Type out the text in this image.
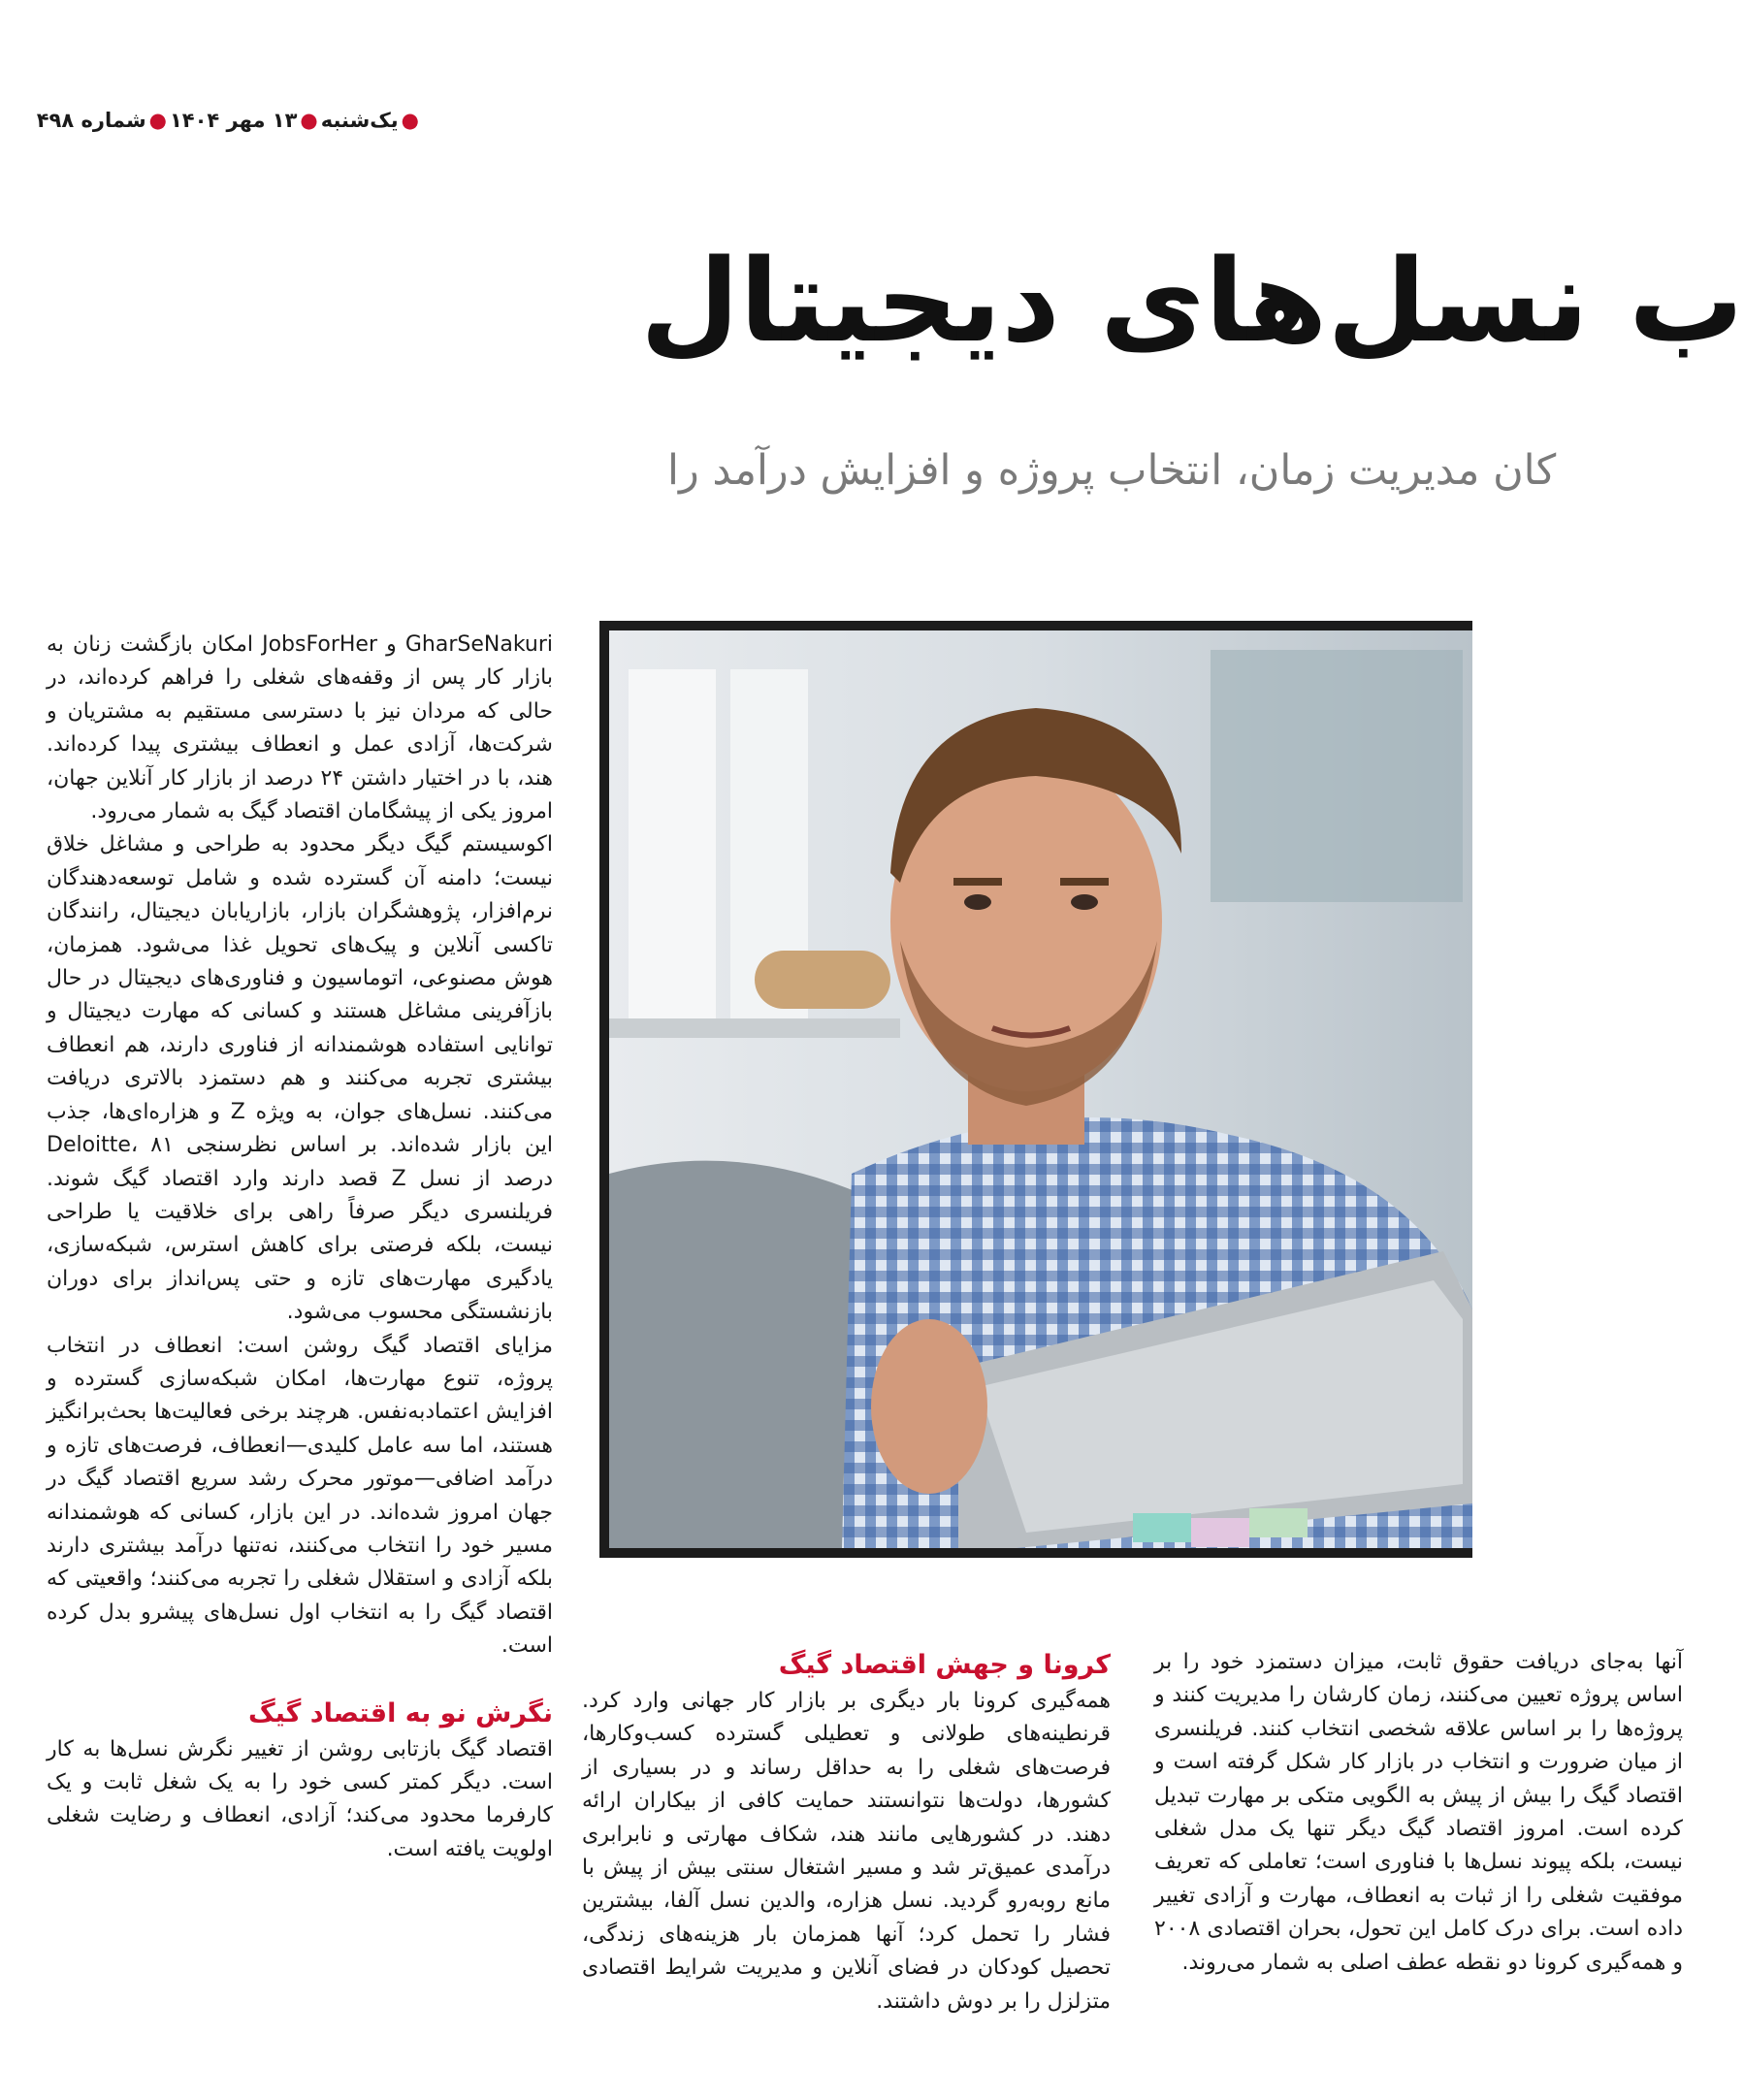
●یک‌شنبه●۱۳ مهر ۱۴۰۴●شماره ۴۹۸
ب نسل‌های دیجیتال
کان مدیریت زمان، انتخاب پروژه و افزایش درآمد را

GharSeNakuri و JobsForHer امکان بازگشت زنان به بازار کار پس از وقفه‌های شغلی را فراهم کرده‌اند، در حالی که مردان نیز با دسترسی مستقیم به مشتریان و شرکت‌ها، آزادی عمل و انعطاف بیشتری پیدا کرده‌اند. هند، با در اختیار داشتن ۲۴ درصد از بازار کار آنلاین جهان، امروز یکی از پیشگامان اقتصاد گیگ به شمار می‌رود.

اکوسیستم گیگ دیگر محدود به طراحی و مشاغل خلاق نیست؛ دامنه آن گسترده شده و شامل توسعه‌دهندگان نرم‌افزار، پژوهشگران بازار، بازاریابان دیجیتال، رانندگان تاکسی آنلاین و پیک‌های تحویل غذا می‌شود. همزمان، هوش مصنوعی، اتوماسیون و فناوری‌های دیجیتال در حال بازآفرینی مشاغل هستند و کسانی که مهارت دیجیتال و توانایی استفاده هوشمندانه از فناوری دارند، هم انعطاف بیشتری تجربه می‌کنند و هم دستمزد بالاتری دریافت می‌کنند. نسل‌های جوان، به ویژه Z و هزاره‌ای‌ها، جذب این بازار شده‌اند. بر اساس نظرسنجی Deloitte، ۸۱ درصد از نسل Z قصد دارند وارد اقتصاد گیگ شوند. فریلنسری دیگر صرفاً راهی برای خلاقیت یا طراحی نیست، بلکه فرصتی برای کاهش استرس، شبکه‌سازی، یادگیری مهارت‌های تازه و حتی پس‌انداز برای دوران بازنشستگی محسوب می‌شود.

مزایای اقتصاد گیگ روشن است: انعطاف در انتخاب پروژه، تنوع مهارت‌ها، امکان شبکه‌سازی گسترده و افزایش اعتمادبه‌نفس. هرچند برخی فعالیت‌ها بحث‌برانگیز هستند، اما سه عامل کلیدی—انعطاف، فرصت‌های تازه و درآمد اضافی—موتور محرک رشد سریع اقتصاد گیگ در جهان امروز شده‌اند. در این بازار، کسانی که هوشمندانه مسیر خود را انتخاب می‌کنند، نه‌تنها درآمد بیشتری دارند بلکه آزادی و استقلال شغلی را تجربه می‌کنند؛ واقعیتی که اقتصاد گیگ را به انتخاب اول نسل‌های پیشرو بدل کرده است.

نگرش نو به اقتصاد گیگ

اقتصاد گیگ بازتابی روشن از تغییر نگرش نسل‌ها به کار است. دیگر کمتر کسی خود را به یک شغل ثابت و یک کارفرما محدود می‌کند؛ آزادی، انعطاف و رضایت شغلی اولویت یافته است.

کرونا و جهش اقتصاد گیگ

همه‌گیری کرونا بار دیگری بر بازار کار جهانی وارد کرد. قرنطینه‌های طولانی و تعطیلی گسترده کسب‌وکارها، فرصت‌های شغلی را به حداقل رساند و در بسیاری از کشورها، دولت‌ها نتوانستند حمایت کافی از بیکاران ارائه دهند. در کشورهایی مانند هند، شکاف مهارتی و نابرابری درآمدی عمیق‌تر شد و مسیر اشتغال سنتی بیش از پیش با مانع روبه‌رو گردید. نسل هزاره، والدین نسل آلفا، بیشترین فشار را تحمل کرد؛ آنها همزمان بار هزینه‌های زندگی، تحصیل کودکان در فضای آنلاین و مدیریت شرایط اقتصادی متزلزل را بر دوش داشتند.

آنها به‌جای دریافت حقوق ثابت، میزان دستمزد خود را بر اساس پروژه تعیین می‌کنند، زمان کارشان را مدیریت کنند و پروژه‌ها را بر اساس علاقه شخصی انتخاب کنند. فریلنسری از میان ضرورت و انتخاب در بازار کار شکل گرفته است و اقتصاد گیگ را بیش از پیش به الگویی متکی بر مهارت تبدیل کرده است. امروز اقتصاد گیگ دیگر تنها یک مدل شغلی نیست، بلکه پیوند نسل‌ها با فناوری است؛ تعاملی که تعریف موفقیت شغلی را از ثبات به انعطاف، مهارت و آزادی تغییر داده است. برای درک کامل این تحول، بحران اقتصادی ۲۰۰۸ و همه‌گیری کرونا دو نقطه عطف اصلی به شمار می‌روند.
